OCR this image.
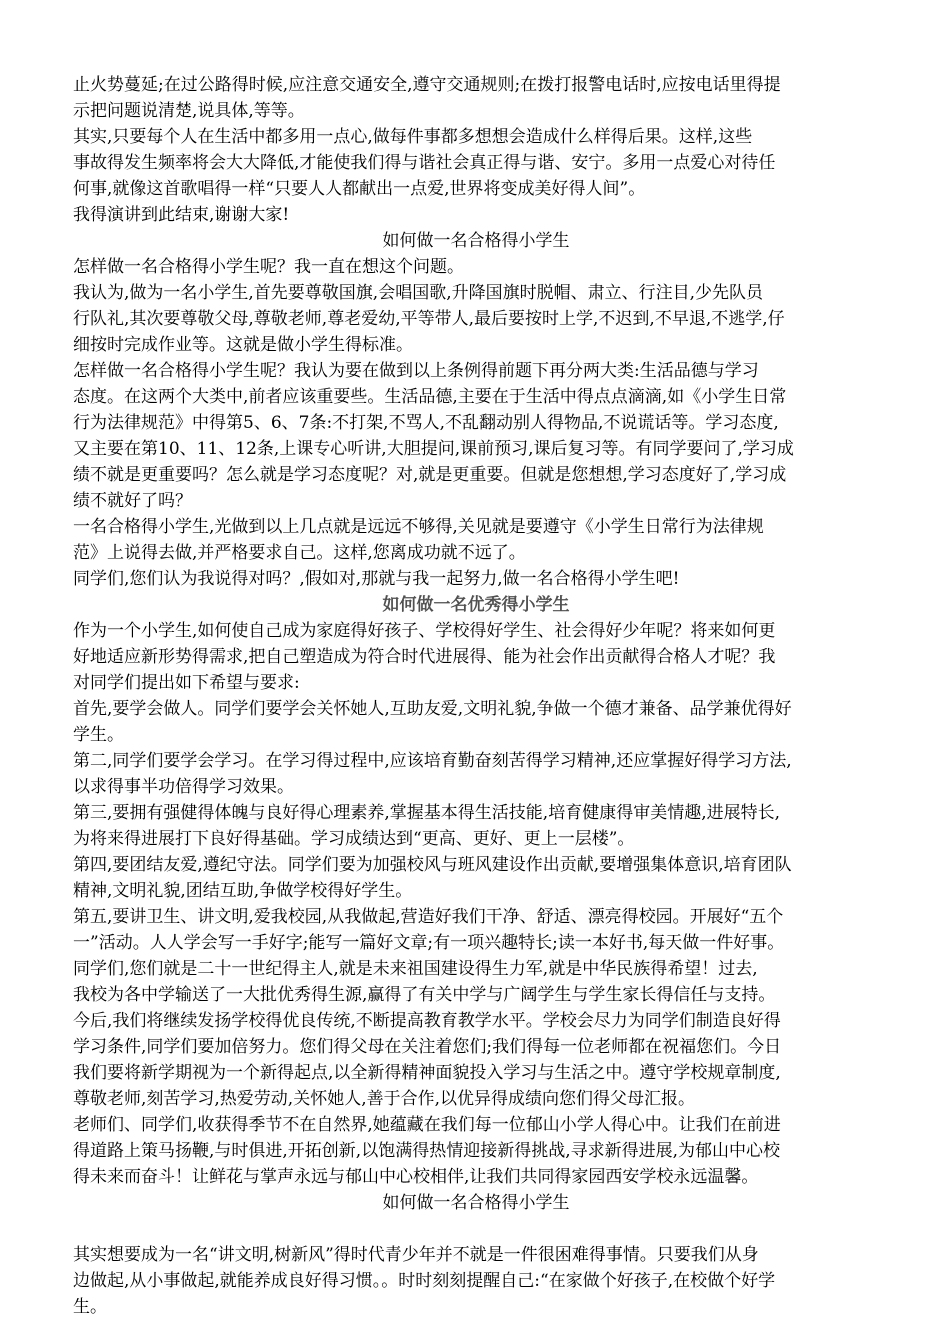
止火势蔓延;在过公路得时候,应注意交通安全,遵守交通规则;在拨打报警电话时,应按电话里得提
示把问题说清楚,说具体,等等。
其实,只要每个人在生活中都多用一点心,做每件事都多想想会造成什么样得后果。这样,这些
事故得发生频率将会大大降低,才能使我们得与谐社会真正得与谐、安宁。多用一点爱心对待任
何事,就像这首歌唱得一样“只要人人都献出一点爱,世界将变成美好得人间”。
我得演讲到此结束,谢谢大家!
如何做一名合格得小学生
怎样做一名合格得小学生呢？我一直在想这个问题。
我认为,做为一名小学生,首先要尊敬国旗,会唱国歌,升降国旗时脱帽、肃立、行注目,少先队员
行队礼,其次要尊敬父母,尊敬老师,尊老爱幼,平等带人,最后要按时上学,不迟到,不早退,不逃学,仔
细按时完成作业等。这就是做小学生得标准。
怎样做一名合格得小学生呢？我认为要在做到以上条例得前题下再分两大类:生活品德与学习
态度。在这两个大类中,前者应该重要些。生活品德,主要在于生活中得点点滴滴,如《小学生日常
行为法律规范》中得第5、6、7条:不打架,不骂人,不乱翻动别人得物品,不说谎话等。学习态度,
又主要在第10、11、12条,上课专心听讲,大胆提问,课前预习,课后复习等。有同学要问了,学习成
绩不就是更重要吗？怎么就是学习态度呢？对,就是更重要。但就是您想想,学习态度好了,学习成
绩不就好了吗？
一名合格得小学生,光做到以上几点就是远远不够得,关见就是要遵守《小学生日常行为法律规
范》上说得去做,并严格要求自己。这样,您离成功就不远了。
同学们,您们认为我说得对吗？,假如对,那就与我一起努力,做一名合格得小学生吧!
如何做一名优秀得小学生
作为一个小学生,如何使自己成为家庭得好孩子、学校得好学生、社会得好少年呢？将来如何更
好地适应新形势得需求,把自己塑造成为符合时代进展得、能为社会作出贡献得合格人才呢？我
对同学们提出如下希望与要求:
首先,要学会做人。同学们要学会关怀她人,互助友爱,文明礼貌,争做一个德才兼备、品学兼优得好
学生。
第二,同学们要学会学习。在学习得过程中,应该培育勤奋刻苦得学习精神,还应掌握好得学习方法,
以求得事半功倍得学习效果。
第三,要拥有强健得体魄与良好得心理素养,掌握基本得生活技能,培育健康得审美情趣,进展特长,
为将来得进展打下良好得基础。学习成绩达到“更高、更好、更上一层楼”。
第四,要团结友爱,遵纪守法。同学们要为加强校风与班风建设作出贡献,要增强集体意识,培育团队
精神,文明礼貌,团结互助,争做学校得好学生。
第五,要讲卫生、讲文明,爱我校园,从我做起,营造好我们干净、舒适、漂亮得校园。开展好“五个
一”活动。人人学会写一手好字;能写一篇好文章;有一项兴趣特长;读一本好书,每天做一件好事。
同学们,您们就是二十一世纪得主人,就是未来祖国建设得生力军,就是中华民族得希望！过去,
我校为各中学输送了一大批优秀得生源,赢得了有关中学与广阔学生与学生家长得信任与支持。
今后,我们将继续发扬学校得优良传统,不断提高教育教学水平。学校会尽力为同学们制造良好得
学习条件,同学们要加倍努力。您们得父母在关注着您们;我们得每一位老师都在祝福您们。今日
我们要将新学期视为一个新得起点,以全新得精神面貌投入学习与生活之中。遵守学校规章制度,
尊敬老师,刻苦学习,热爱劳动,关怀她人,善于合作,以优异得成绩向您们得父母汇报。
老师们、同学们,收获得季节不在自然界,她蕴藏在我们每一位郁山小学人得心中。让我们在前进
得道路上策马扬鞭,与时俱进,开拓创新,以饱满得热情迎接新得挑战,寻求新得进展,为郁山中心校
得未来而奋斗！让鲜花与掌声永远与郁山中心校相伴,让我们共同得家园西安学校永远温馨。
如何做一名合格得小学生
其实想要成为一名“讲文明,树新风”得时代青少年并不就是一件很困难得事情。只要我们从身
边做起,从小事做起,就能养成良好得习惯。。时时刻刻提醒自己:“在家做个好孩子,在校做个好学
生。
